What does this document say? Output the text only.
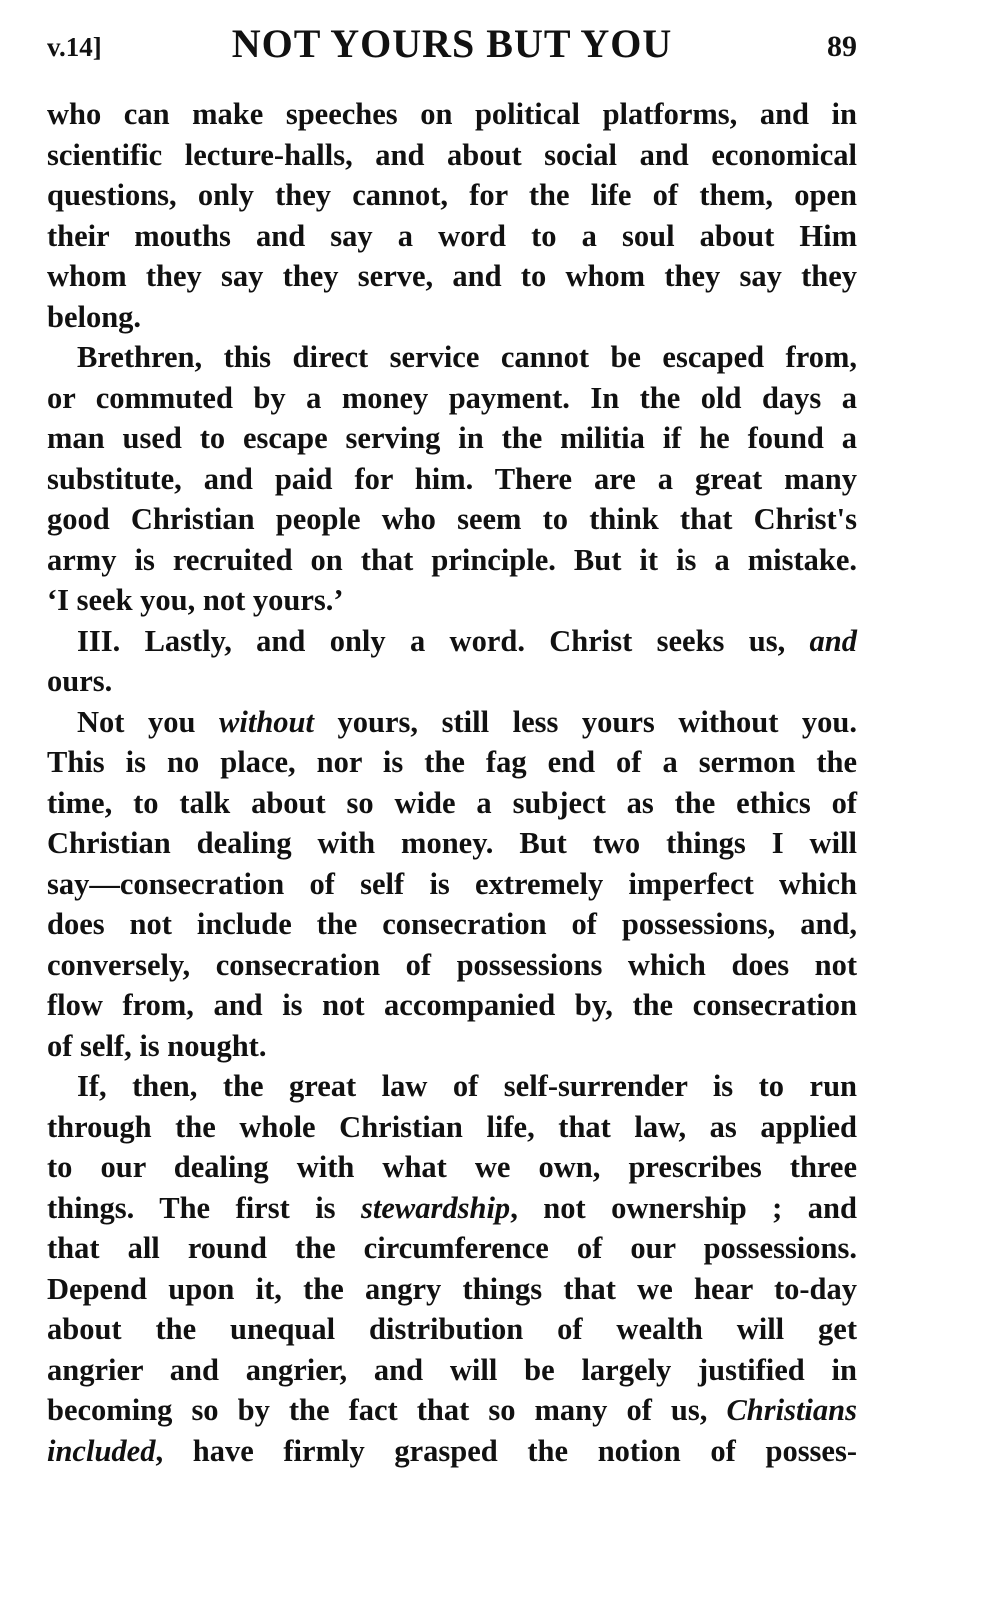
v.14]	NOT YOURS BUT YOU	89
who can make speeches on political platforms, and in
scientific lecture-halls, and about social and economical
questions, only they cannot, for the life of them, open
their mouths and say a word to a soul about Him
whom they say they serve, and to whom they say they
belong.
Brethren, this direct service cannot be escaped from,
or commuted by a money payment. In the old days a
man used to escape serving in the militia if he found a
substitute, and paid for him. There are a great many
good Christian people who seem to think that Christ's
army is recruited on that principle. But it is a mistake.
‘I seek you, not yours.’
III. Lastly, and only a word. Christ seeks us, and
ours.
Not you without yours, still less yours without you.
This is no place, nor is the fag end of a sermon the
time, to talk about so wide a subject as the ethics of
Christian dealing with money. But two things I will
say—consecration of self is extremely imperfect which
does not include the consecration of possessions, and,
conversely, consecration of possessions which does not
flow from, and is not accompanied by, the consecration
of self, is nought.
If, then, the great law of self-surrender is to run
through the whole Christian life, that law, as applied
to our dealing with what we own, prescribes three
things. The first is stewardship, not ownership ; and
that all round the circumference of our possessions.
Depend upon it, the angry things that we hear to-day
about the unequal distribution of wealth will get
angrier and angrier, and will be largely justified in
becoming so by the fact that so many of us, Christians
included, have firmly grasped the notion of posses-
